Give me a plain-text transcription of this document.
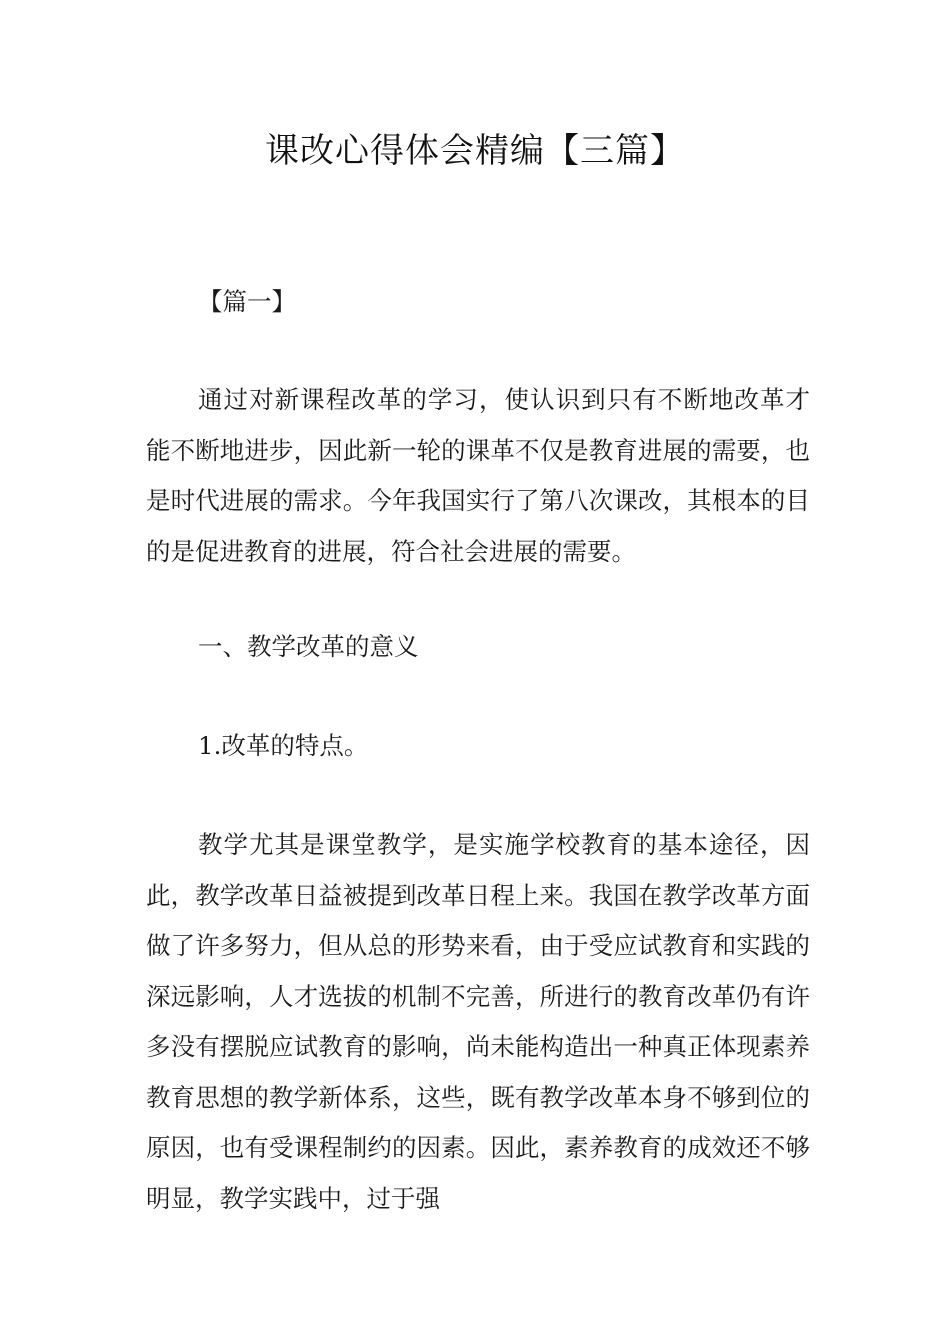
课改心得体会精编【三篇】

【篇一】

通过对新课程改革的学习，使认识到只有不断地改革才能不断地进步，因此新一轮的课革不仅是教育进展的需要，也是时代进展的需求。今年我国实行了第八次课改，其根本的目的是促进教育的进展，符合社会进展的需要。

一、教学改革的意义

1.改革的特点。

教学尤其是课堂教学，是实施学校教育的基本途径，因此，教学改革日益被提到改革日程上来。我国在教学改革方面做了许多努力，但从总的形势来看，由于受应试教育和实践的深远影响，人才选拔的机制不完善，所进行的教育改革仍有许多没有摆脱应试教育的影响，尚未能构造出一种真正体现素养教育思想的教学新体系，这些，既有教学改革本身不够到位的原因，也有受课程制约的因素。因此，素养教育的成效还不够明显，教学实践中，过于强
